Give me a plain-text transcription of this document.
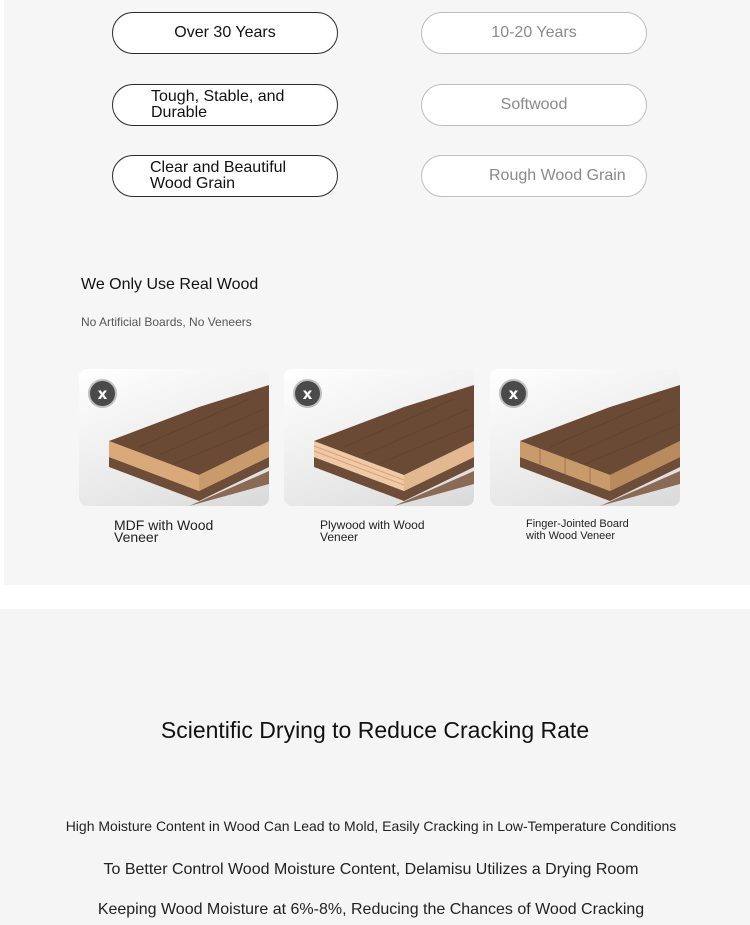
Over 30 Years	10-20 Years
Tough, Stable, and Durable	Softwood
Clear and Beautiful Wood Grain	Rough Wood Grain
We Only Use Real Wood
No Artificial Boards, No Veneers
x
MDF with Wood Veneer
x
Plywood with Wood Veneer
x
Finger-Jointed Board with Wood Veneer
Scientific Drying to Reduce Cracking Rate
High Moisture Content in Wood Can Lead to Mold, Easily Cracking in Low-Temperature Conditions
To Better Control Wood Moisture Content, Delamisu Utilizes a Drying Room
Keeping Wood Moisture at 6%-8%, Reducing the Chances of Wood Cracking
